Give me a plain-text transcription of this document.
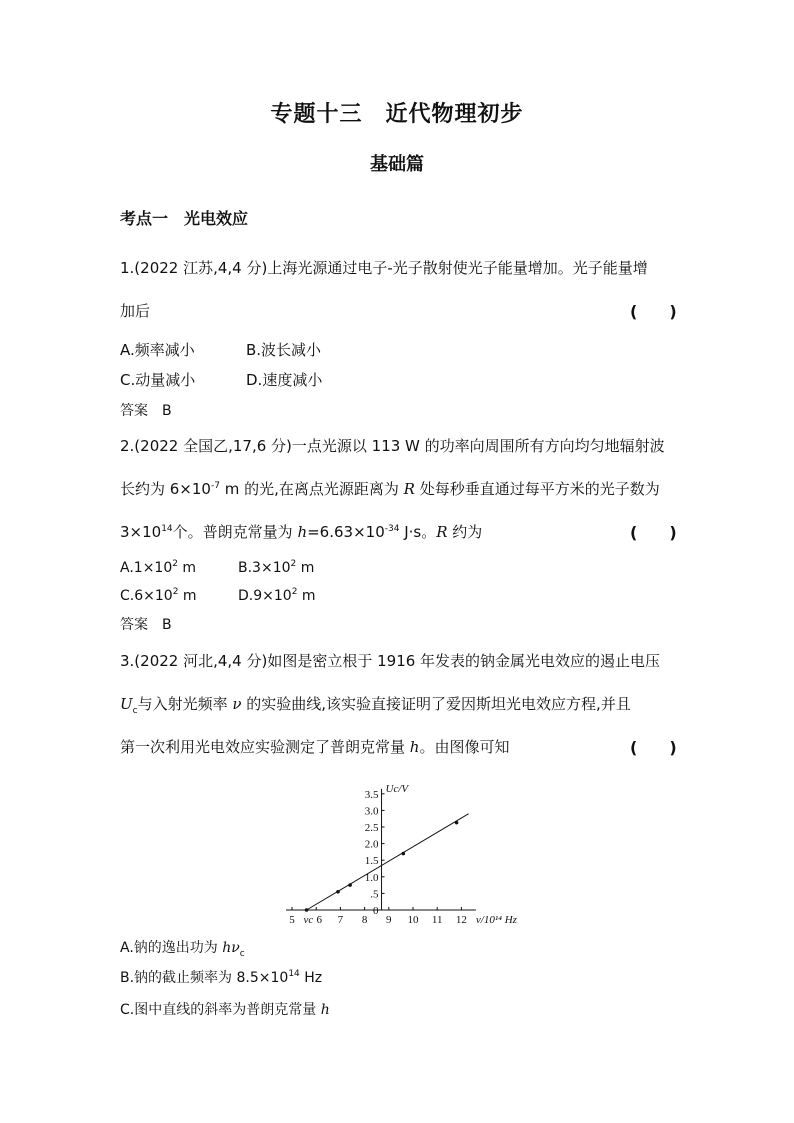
专题十三　近代物理初步
基础篇
考点一　光电效应
1.(2022 江苏,4,4 分)上海光源通过电子-光子散射使光子能量增加。光子能量增
加后	(　　)
A.频率减小	B.波长减小
C.动量减小	D.速度减小
答案　B
2.(2022 全国乙,17,6 分)一点光源以 113 W 的功率向周围所有方向均匀地辐射波
长约为 $6\times 10^{-7}$ m 的光,在离点光源距离为 R 处每秒垂直通过每平方米的光子数为
$3\times 10^{14}$个。普朗克常量为 $h=6.63\times 10^{-34}$ J·s。R 约为	(　　)
$A.1\times 10^2$ m	$B.3\times 10^2$ m
$C.6\times 10^2$ m	$D.9\times 10^2$ m
答案　B
3.(2022 河北,4,4 分)如图是密立根于 1916 年发表的钠金属光电效应的遏止电压
$U_c$与入射光频率 ν 的实验曲线,该实验直接证明了爱因斯坦光电效应方程,并且
第一次利用光电效应实验测定了普朗克常量 h。由图像可知	(　　)
5	7 8 9 10 11 12
6
0
.5
1.0
1.5
2.0
2.5
3.0
3.5 Uc/V
ν/10¹⁴ Hz
νc
A.钠的逸出功为 $h\nu_c$
B.钠的截止频率为 $8.5\times 10^{14}$ Hz
C.图中直线的斜率为普朗克常量 h
